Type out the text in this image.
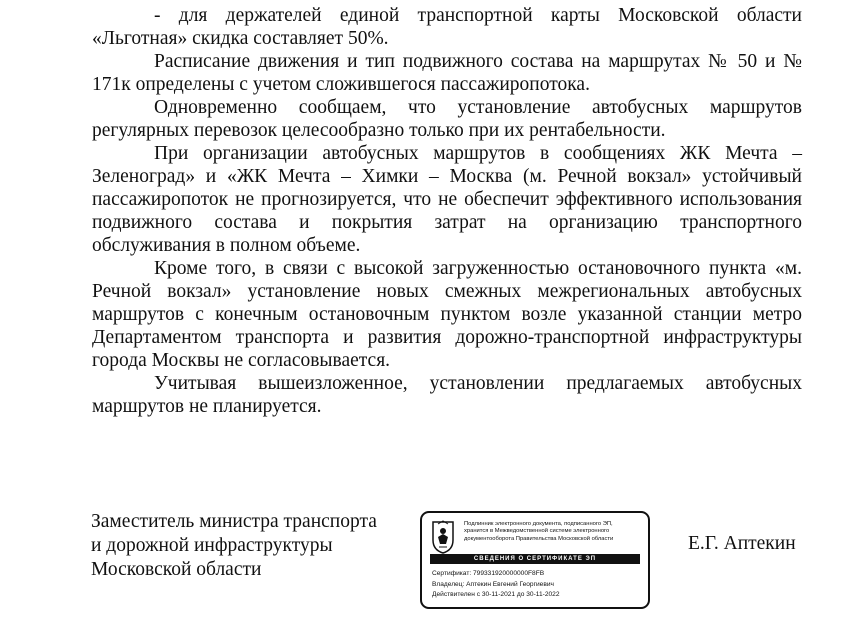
- для держателей единой транспортной карты Московской области «Льготная» скидка составляет 50%.

Расписание движения и тип подвижного состава на маршрутах № 50 и № 171к определены с учетом сложившегося пассажиропотока.

Одновременно сообщаем, что установление автобусных маршрутов регулярных перевозок целесообразно только при их рентабельности.

При организации автобусных маршрутов в сообщениях ЖК Мечта – Зеленоград» и «ЖК Мечта – Химки – Москва (м. Речной вокзал» устойчивый пассажиропоток не прогнозируется, что не обеспечит эффективного использования подвижного состава и покрытия затрат на организацию транспортного обслуживания в полном объеме.

Кроме того, в связи с высокой загруженностью остановочного пункта «м. Речной вокзал» установление новых смежных межрегиональных автобусных маршрутов с конечным остановочным пунктом возле указанной станции метро Департаментом транспорта и развития дорожно-транспортной инфраструктуры города Москвы не согласовывается.

Учитывая вышеизложенное, установлении предлагаемых автобусных маршрутов не планируется.

Заместитель министра транспорта
и дорожной инфраструктуры
Московской области
Подлинник электронного документа, подписанного ЭП,
хранится в Межведомственной системе электронного
документооборота Правительства Московской области
СВЕДЕНИЯ О СЕРТИФИКАТЕ ЭП
Сертификат: 799331920000000F8FB
Владелец: Аптекин Евгений Георгиевич
Действителен с 30-11-2021 до 30-11-2022
Е.Г. Аптекин
